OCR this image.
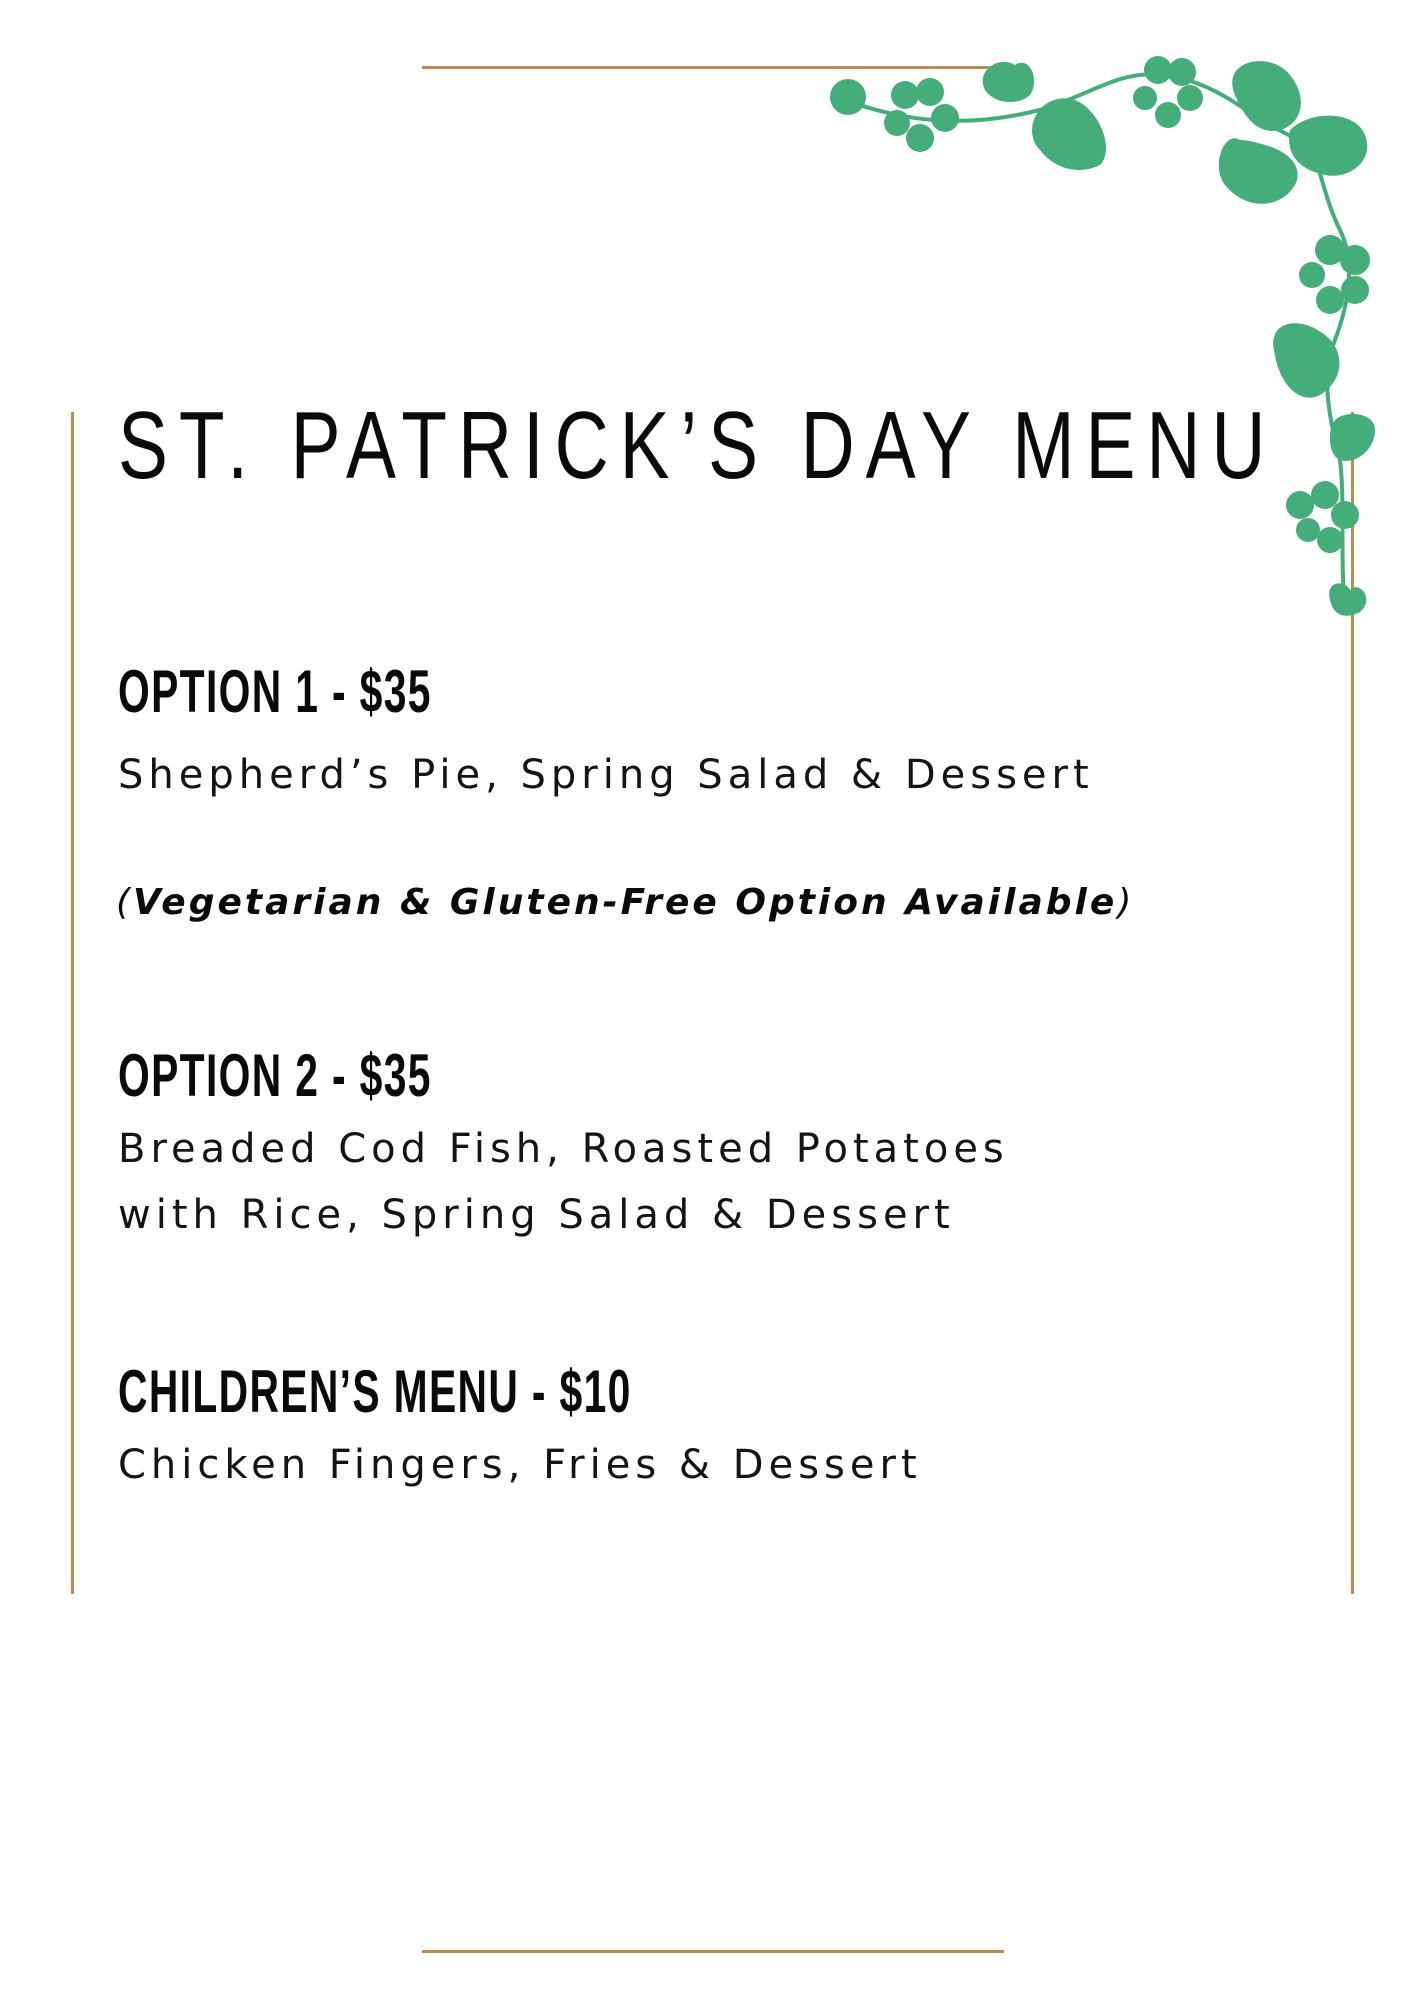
ST. PATRICK’S DAY MENU
OPTION 1 - $35

Shepherd’s Pie, Spring Salad & Dessert

(Vegetarian & Gluten-Free Option Available)

OPTION 2 - $35

Breaded Cod Fish, Roasted Potatoes

with Rice, Spring Salad & Dessert

CHILDREN’S MENU - $10

Chicken Fingers, Fries & Dessert
